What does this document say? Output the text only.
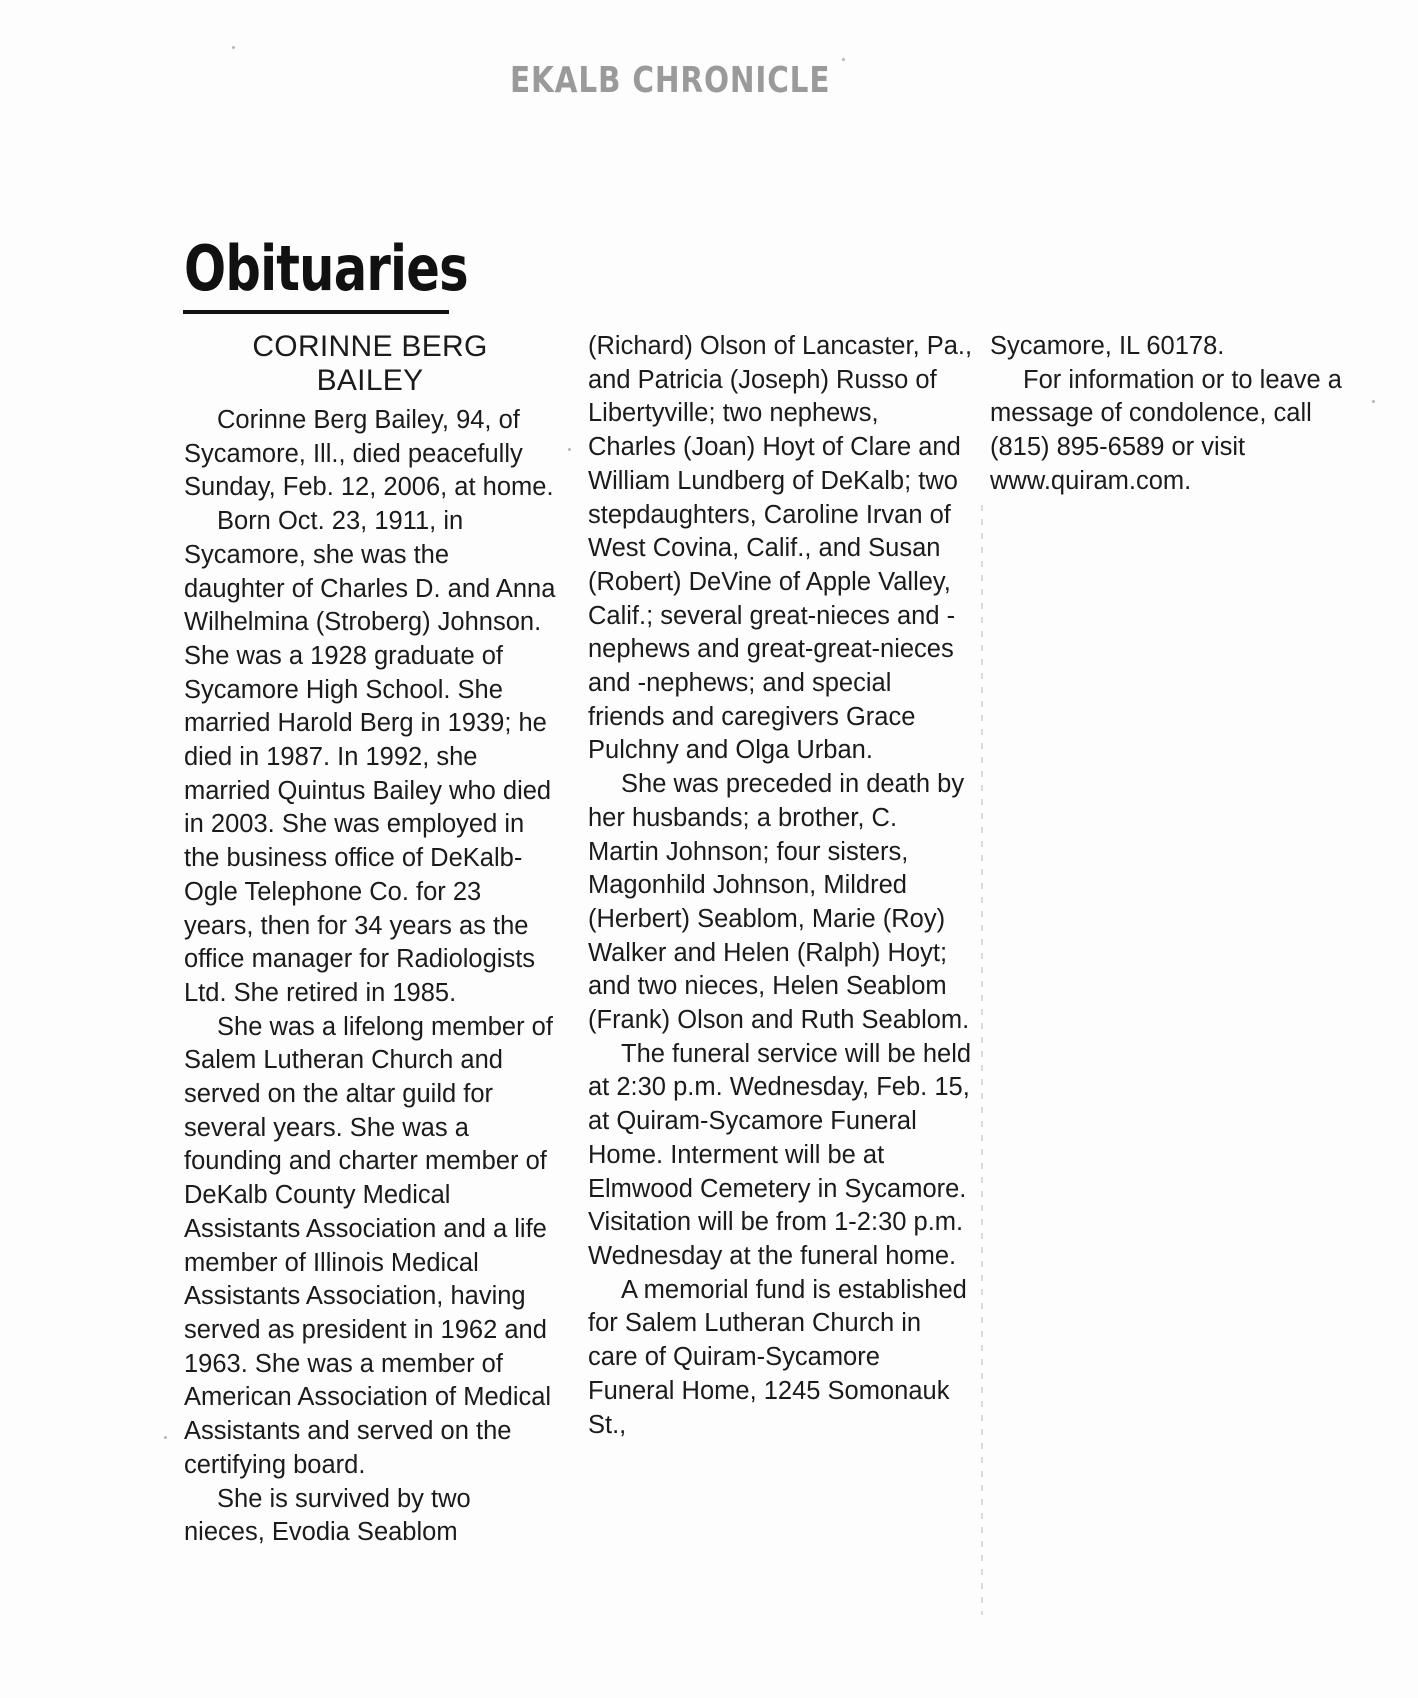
EKALB CHRONICLE
Obituaries
CORINNE BERG
BAILEY

Corinne Berg Bailey, 94, of Sycamore, Ill., died peacefully Sunday, Feb. 12, 2006, at home.

Born Oct. 23, 1911, in Sycamore, she was the daughter of Charles D. and Anna Wilhelmina (Stroberg) Johnson. She was a 1928 graduate of Sycamore High School. She married Harold Berg in 1939; he died in 1987. In 1992, she married Quintus Bailey who died in 2003. She was employed in the business office of DeKalb-Ogle Telephone Co. for 23 years, then for 34 years as the office manager for Radiologists Ltd. She retired in 1985.

She was a lifelong member of Salem Lutheran Church and served on the altar guild for several years. She was a founding and charter member of DeKalb County Medical Assistants Association and a life member of Illinois Medical Assistants Association, having served as president in 1962 and 1963. She was a member of American Association of Medical Assistants and served on the certifying board.

She is survived by two nieces, Evodia Seablom

(Richard) Olson of Lancaster, Pa., and Patricia (Joseph) Russo of Libertyville; two nephews, Charles (Joan) Hoyt of Clare and William Lundberg of DeKalb; two stepdaughters, Caroline Irvan of West Covina, Calif., and Susan (Robert) DeVine of Apple Valley, Calif.; several great-nieces and -nephews and great-great-nieces and -nephews; and special friends and caregivers Grace Pulchny and Olga Urban.

She was preceded in death by her husbands; a brother, C. Martin Johnson; four sisters, Magonhild Johnson, Mildred (Herbert) Seablom, Marie (Roy) Walker and Helen (Ralph) Hoyt; and two nieces, Helen Seablom (Frank) Olson and Ruth Seablom.

The funeral service will be held at 2:30 p.m. Wednesday, Feb. 15, at Quiram-Sycamore Funeral Home. Interment will be at Elmwood Cemetery in Sycamore. Visitation will be from 1-2:30 p.m. Wednesday at the funeral home.

A memorial fund is established for Salem Lutheran Church in care of Quiram-Sycamore Funeral Home, 1245 Somonauk St.,

Sycamore, IL 60178.

For information or to leave a message of condolence, call (815) 895-6589 or visit www.quiram.com.
